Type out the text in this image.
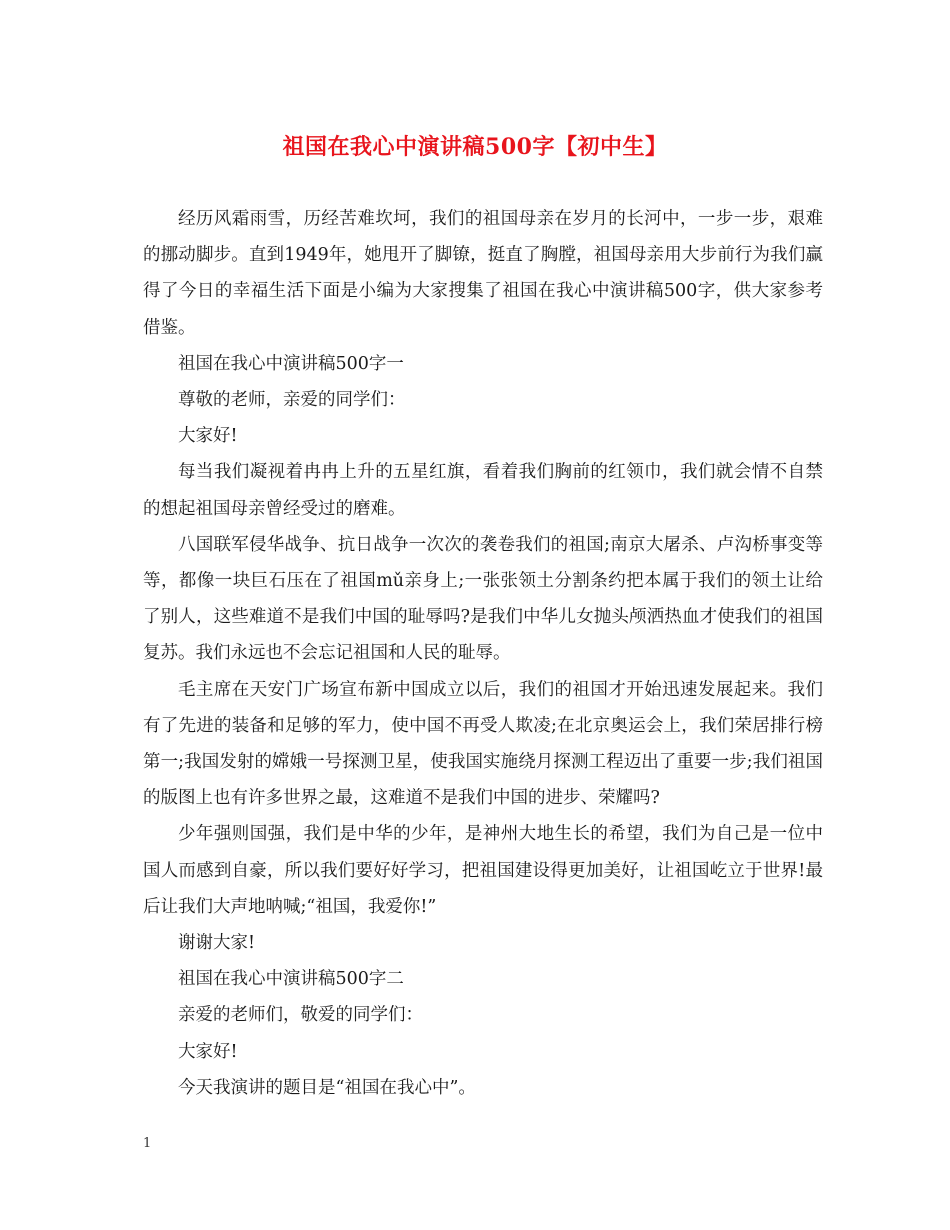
祖国在我心中演讲稿500字【初中生】

经历风霜雨雪，历经苦难坎坷，我们的祖国母亲在岁月的长河中，一步一步，艰难的挪动脚步。直到1949年，她甩开了脚镣，挺直了胸膛，祖国母亲用大步前行为我们赢得了今日的幸福生活下面是小编为大家搜集了祖国在我心中演讲稿500字，供大家参考借鉴。

祖国在我心中演讲稿500字一

尊敬的老师，亲爱的同学们：

大家好!

每当我们凝视着冉冉上升的五星红旗，看着我们胸前的红领巾，我们就会情不自禁的想起祖国母亲曾经受过的磨难。

八国联军侵华战争、抗日战争一次次的袭卷我们的祖国;南京大屠杀、卢沟桥事变等等，都像一块巨石压在了祖国mǔ亲身上;一张张领土分割条约把本属于我们的领土让给了别人，这些难道不是我们中国的耻辱吗?是我们中华儿女抛头颅洒热血才使我们的祖国复苏。我们永远也不会忘记祖国和人民的耻辱。

毛主席在天安门广场宣布新中国成立以后，我们的祖国才开始迅速发展起来。我们有了先进的装备和足够的军力，使中国不再受人欺凌;在北京奥运会上，我们荣居排行榜第一;我国发射的嫦娥一号探测卫星，使我国实施绕月探测工程迈出了重要一步;我们祖国的版图上也有许多世界之最，这难道不是我们中国的进步、荣耀吗?

少年强则国强，我们是中华的少年，是神州大地生长的希望，我们为自己是一位中国人而感到自豪，所以我们要好好学习，把祖国建设得更加美好，让祖国屹立于世界!最后让我们大声地呐喊;“祖国，我爱你!”

谢谢大家!

祖国在我心中演讲稿500字二

亲爱的老师们，敬爱的同学们：

大家好!

今天我演讲的题目是“祖国在我心中”。

1
